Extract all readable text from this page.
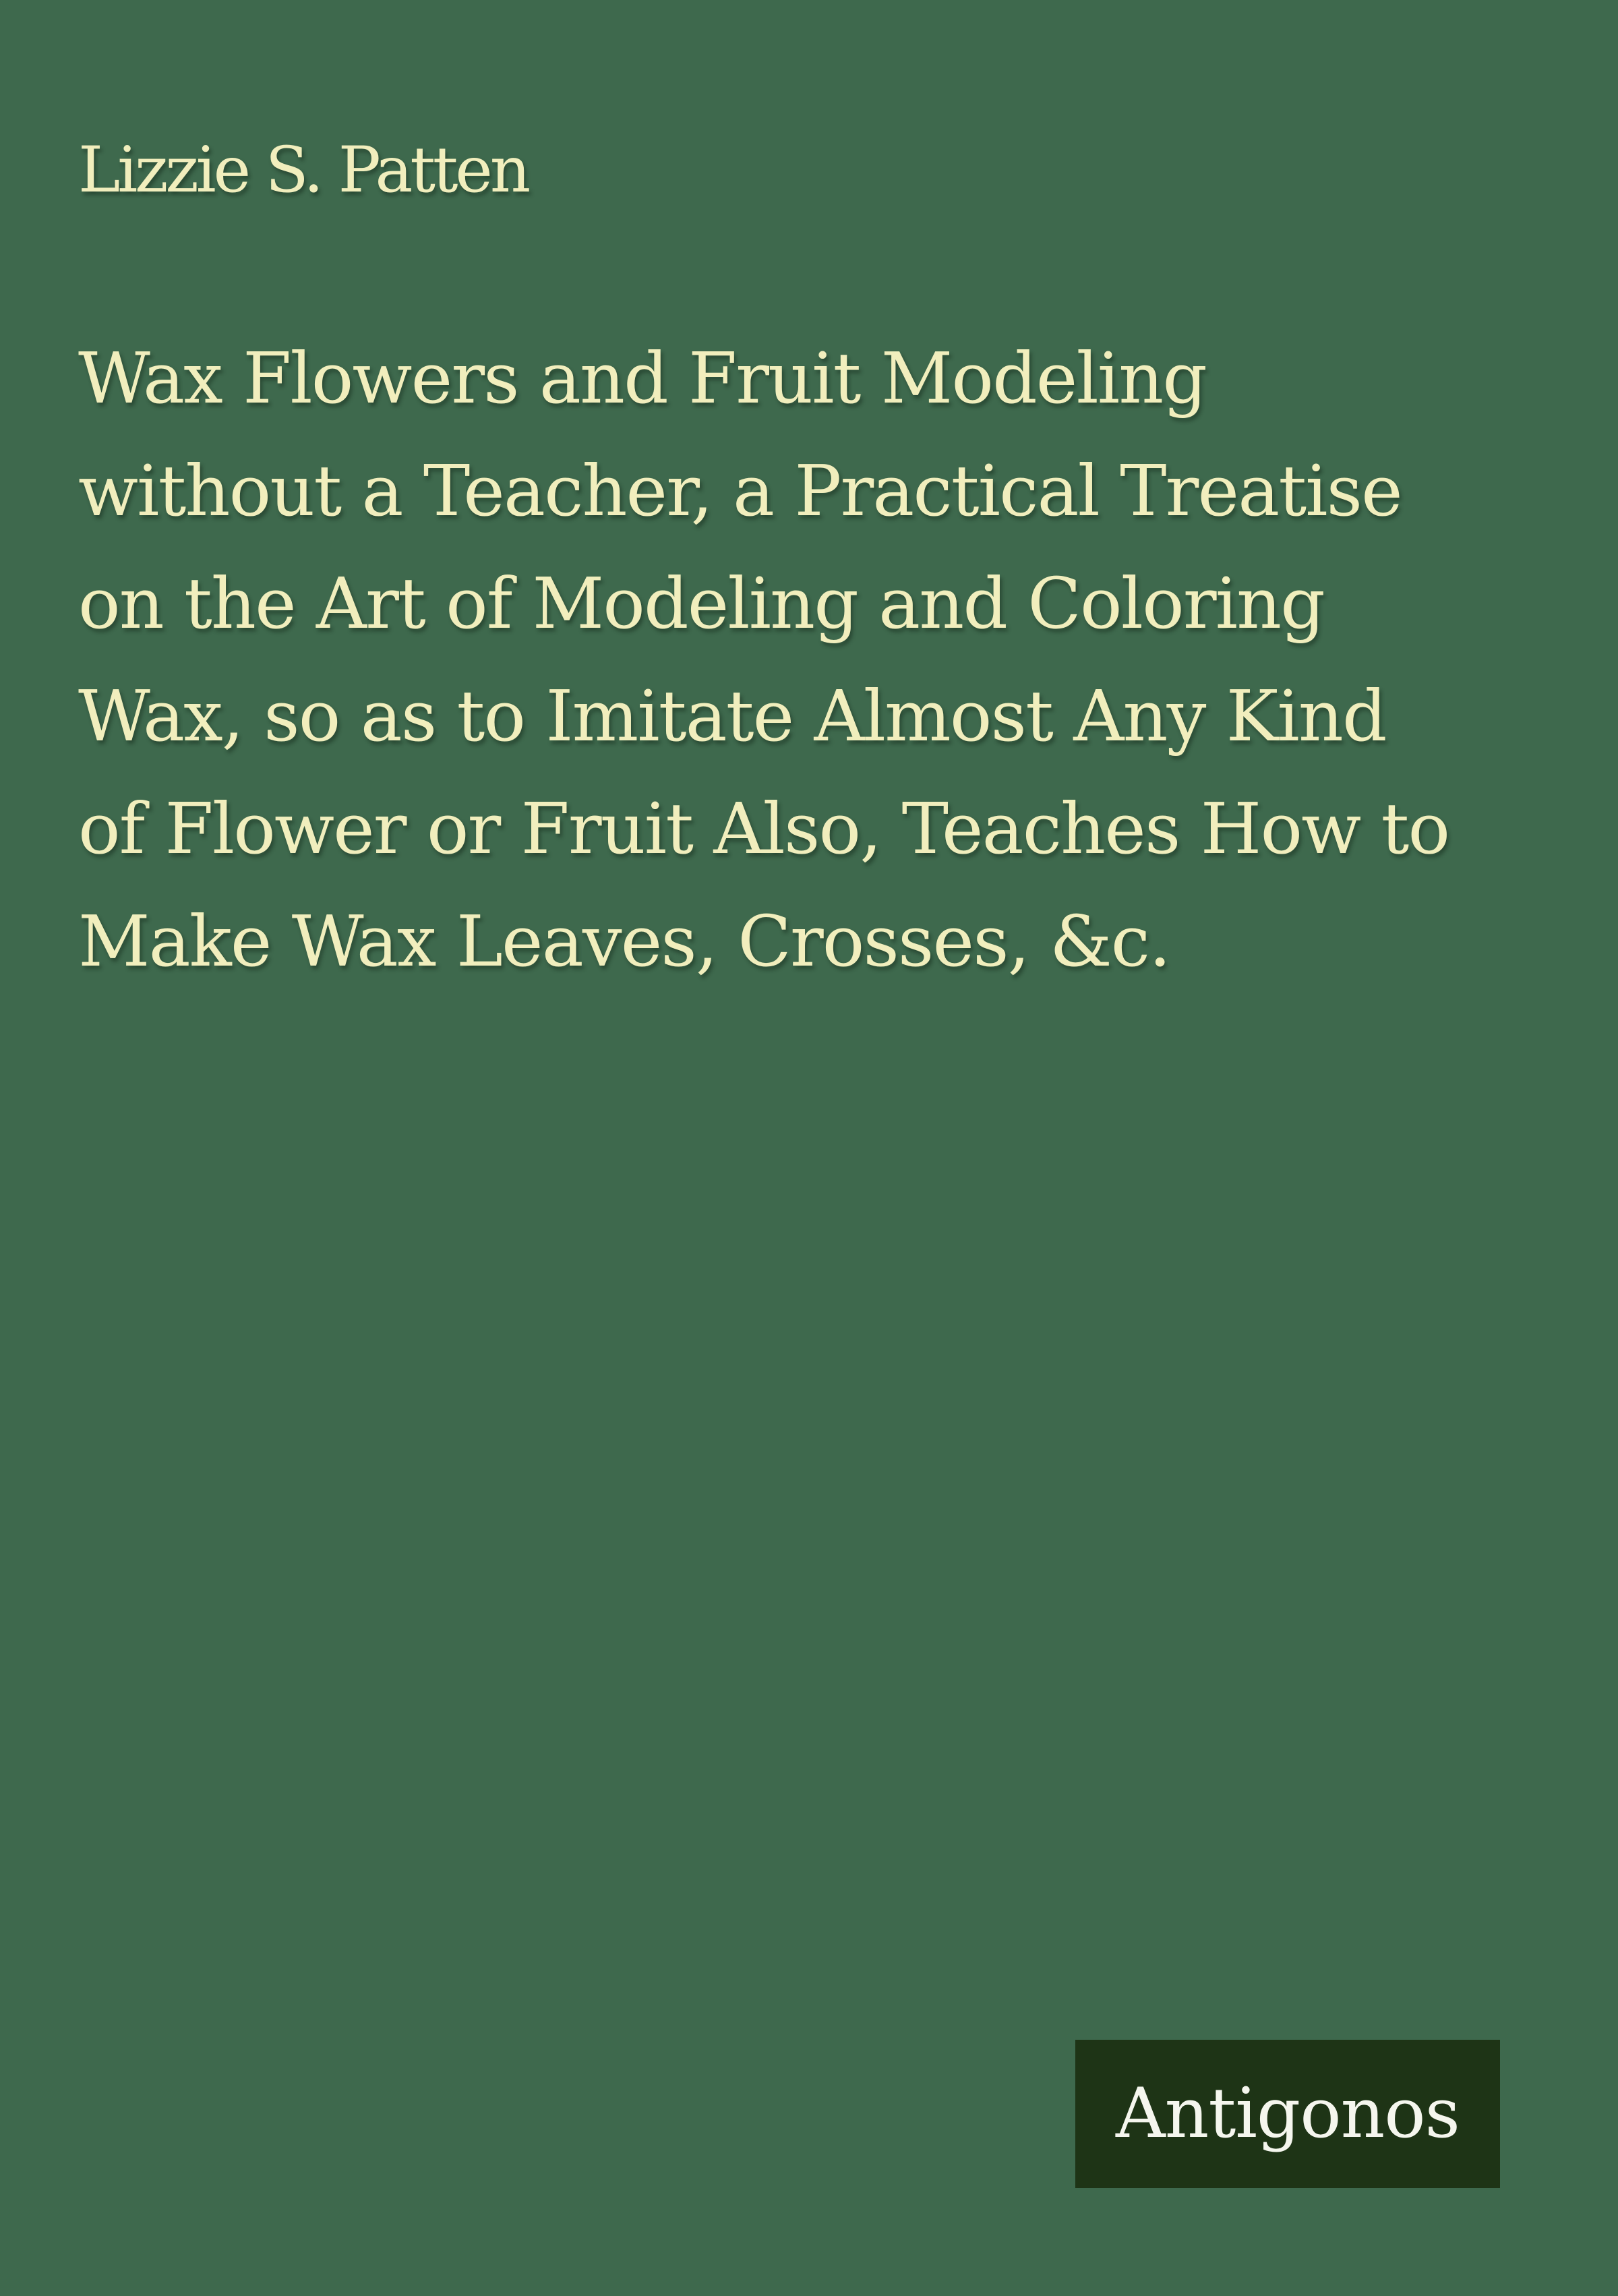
Lizzie S. Patten
Wax Flowers and Fruit Modeling
without a Teacher, a Practical Treatise
on the Art of Modeling and Coloring
Wax, so as to Imitate Almost Any Kind
of Flower or Fruit Also, Teaches How to
Make Wax Leaves, Crosses, &c.
Antigonos
